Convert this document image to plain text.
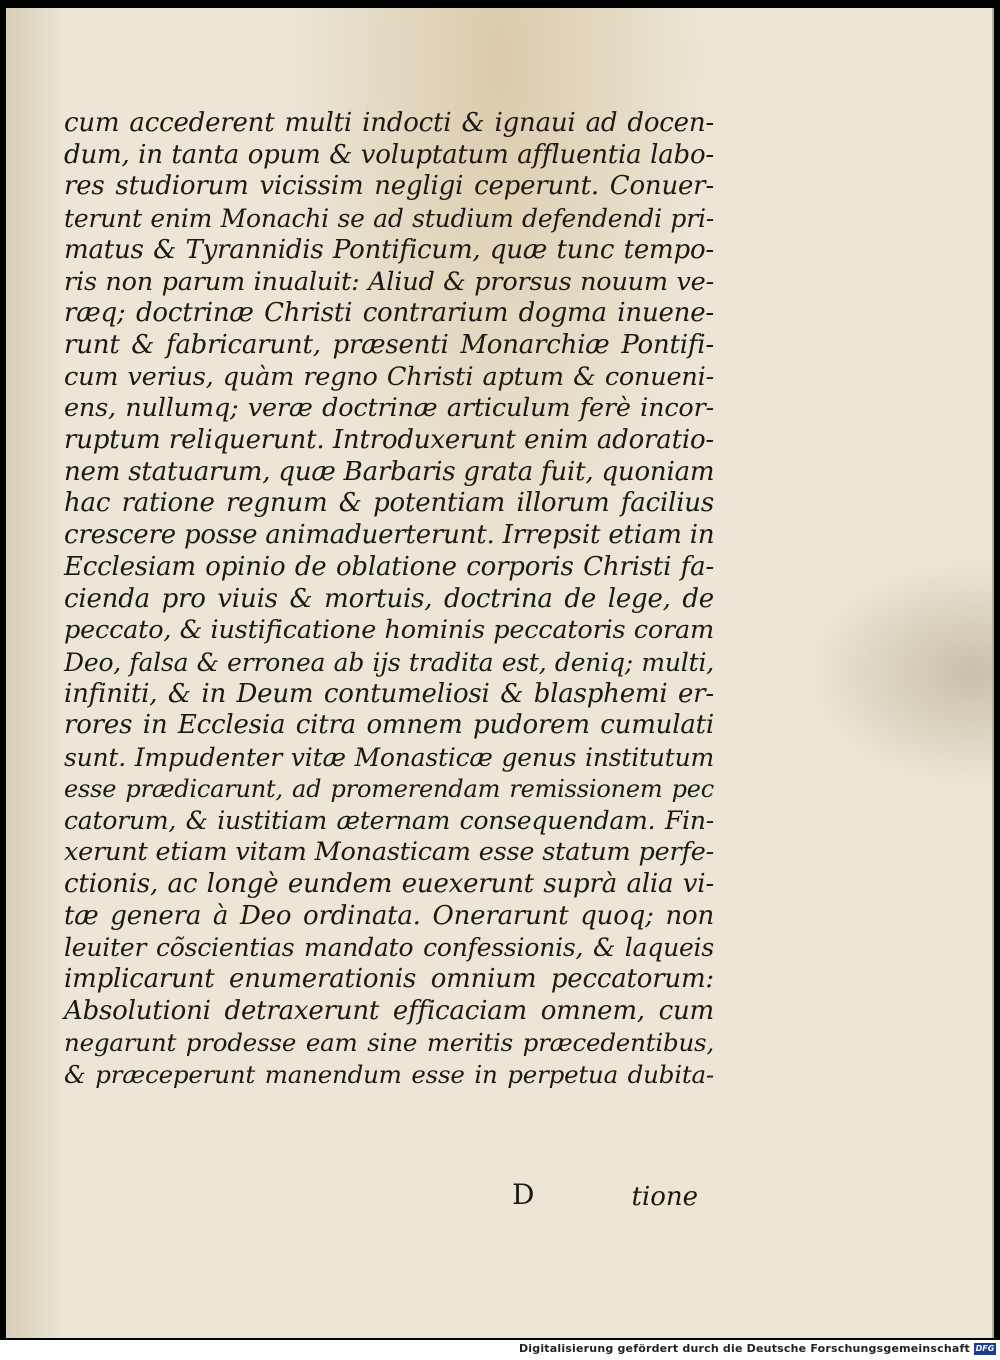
cum accederent multi indocti & ignaui ad docen-
dum, in tanta opum & voluptatum affluentia labo-
res studiorum vicissim negligi ceperunt. Conuer-
terunt enim Monachi se ad studium defendendi pri-
matus & Tyrannidis Pontificum, quæ tunc tempo-
ris non parum inualuit: Aliud & prorsus nouum ve-
ræq; doctrinæ Christi contrarium dogma inuene-
runt & fabricarunt, præsenti Monarchiæ Pontifi-
cum verius, quàm regno Christi aptum & conueni-
ens, nullumq; veræ doctrinæ articulum ferè incor-
ruptum reliquerunt. Introduxerunt enim adoratio-
nem statuarum, quæ Barbaris grata fuit, quoniam
hac ratione regnum & potentiam illorum facilius
crescere posse animaduerterunt. Irrepsit etiam in
Ecclesiam opinio de oblatione corporis Christi fa-
cienda pro viuis & mortuis, doctrina de lege, de
peccato, & iustificatione hominis peccatoris coram
Deo, falsa & erronea ab ijs tradita est, deniq; multi,
infiniti, & in Deum contumeliosi & blasphemi er-
rores in Ecclesia citra omnem pudorem cumulati
sunt. Impudenter vitæ Monasticæ genus institutum
esse prædicarunt, ad promerendam remissionem pec
catorum, & iustitiam æternam consequendam. Fin-
xerunt etiam vitam Monasticam esse statum perfe-
ctionis, ac longè eundem euexerunt suprà alia vi-
tæ genera à Deo ordinata. Onerarunt quoq; non
leuiter cõscientias mandato confessionis, & laqueis
implicarunt enumerationis omnium peccatorum:
Absolutioni detraxerunt efficaciam omnem, cum
negarunt prodesse eam sine meritis præcedentibus,
& præceperunt manendum esse in perpetua dubita-
D	tione
Digitalisierung gefördert durch die Deutsche Forschungsgemeinschaft DFG
